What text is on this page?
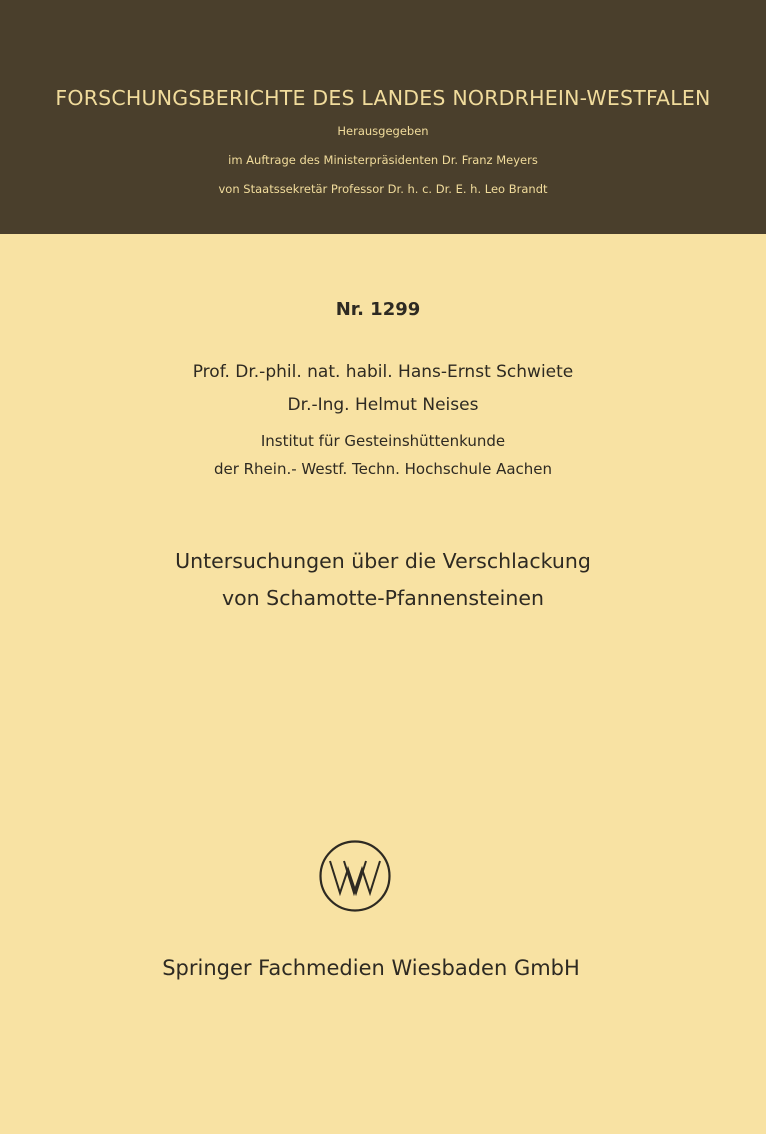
FORSCHUNGSBERICHTE DES LANDES NORDRHEIN-WESTFALEN
Herausgegeben
im Auftrage des Ministerpräsidenten Dr. Franz Meyers
von Staatssekretär Professor Dr. h. c. Dr. E. h. Leo Brandt
Nr. 1299
Prof. Dr.-phil. nat. habil. Hans-Ernst Schwiete
Dr.-Ing. Helmut Neises
Institut für Gesteinshüttenkunde
der Rhein.- Westf. Techn. Hochschule Aachen
Untersuchungen über die Verschlackung
von Schamotte-Pfannensteinen
Springer Fachmedien Wiesbaden GmbH
